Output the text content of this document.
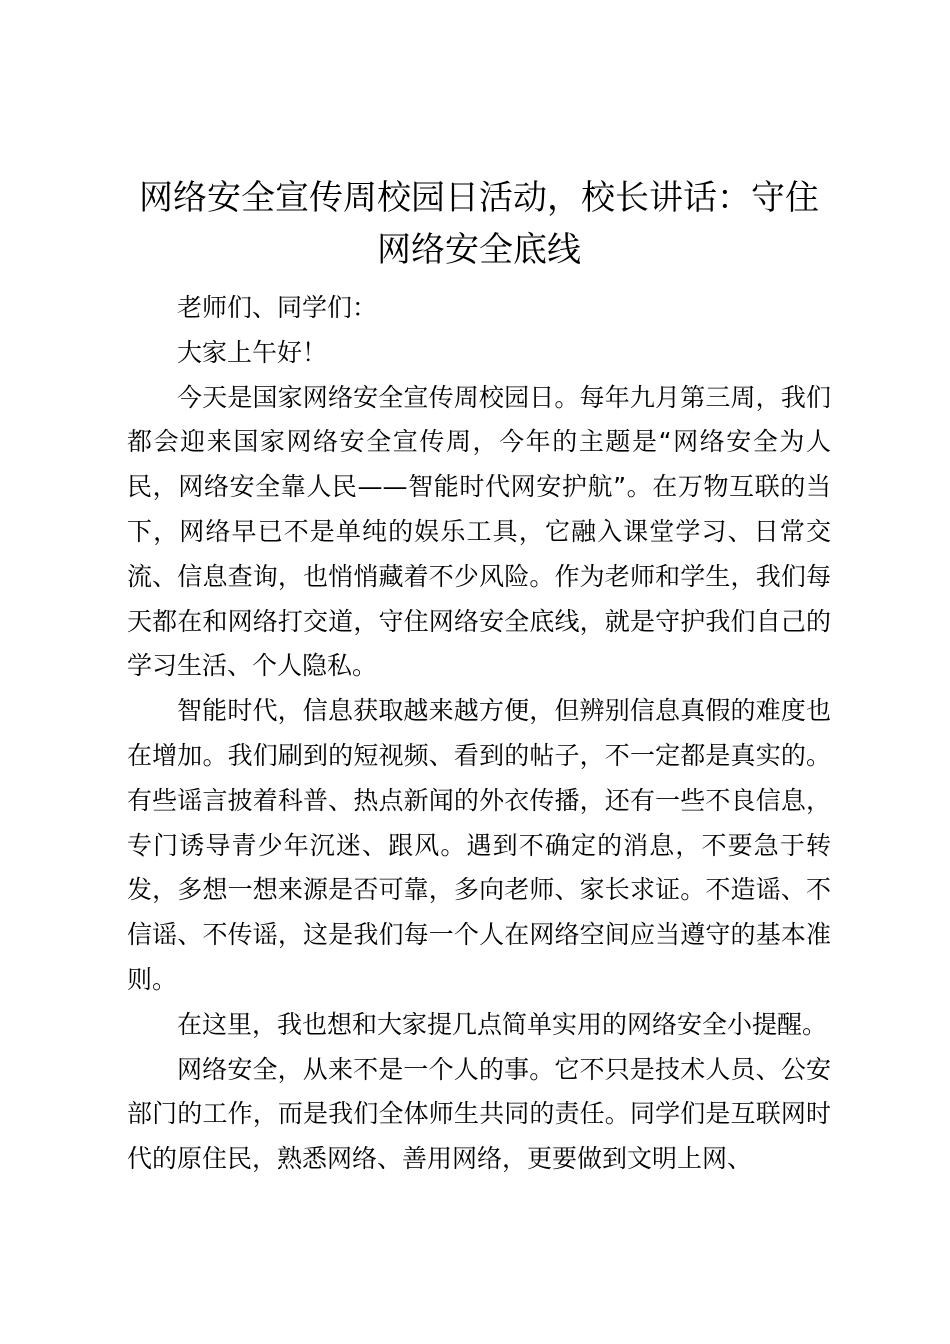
网络安全宣传周校园日活动，校长讲话：守住网络安全底线

老师们、同学们：

大家上午好！

今天是国家网络安全宣传周校园日。每年九月第三周，我们都会迎来国家网络安全宣传周，今年的主题是“网络安全为人民，网络安全靠人民——智能时代网安护航”。在万物互联的当下，网络早已不是单纯的娱乐工具，它融入课堂学习、日常交流、信息查询，也悄悄藏着不少风险。作为老师和学生，我们每天都在和网络打交道，守住网络安全底线，就是守护我们自己的学习生活、个人隐私。

智能时代，信息获取越来越方便，但辨别信息真假的难度也在增加。我们刷到的短视频、看到的帖子，不一定都是真实的。有些谣言披着科普、热点新闻的外衣传播，还有一些不良信息，专门诱导青少年沉迷、跟风。遇到不确定的消息，不要急于转发，多想一想来源是否可靠，多向老师、家长求证。不造谣、不信谣、不传谣，这是我们每一个人在网络空间应当遵守的基本准则。

在这里，我也想和大家提几点简单实用的网络安全小提醒。

网络安全，从来不是一个人的事。它不只是技术人员、公安部门的工作，而是我们全体师生共同的责任。同学们是互联网时代的原住民，熟悉网络、善用网络，更要做到文明上网、
